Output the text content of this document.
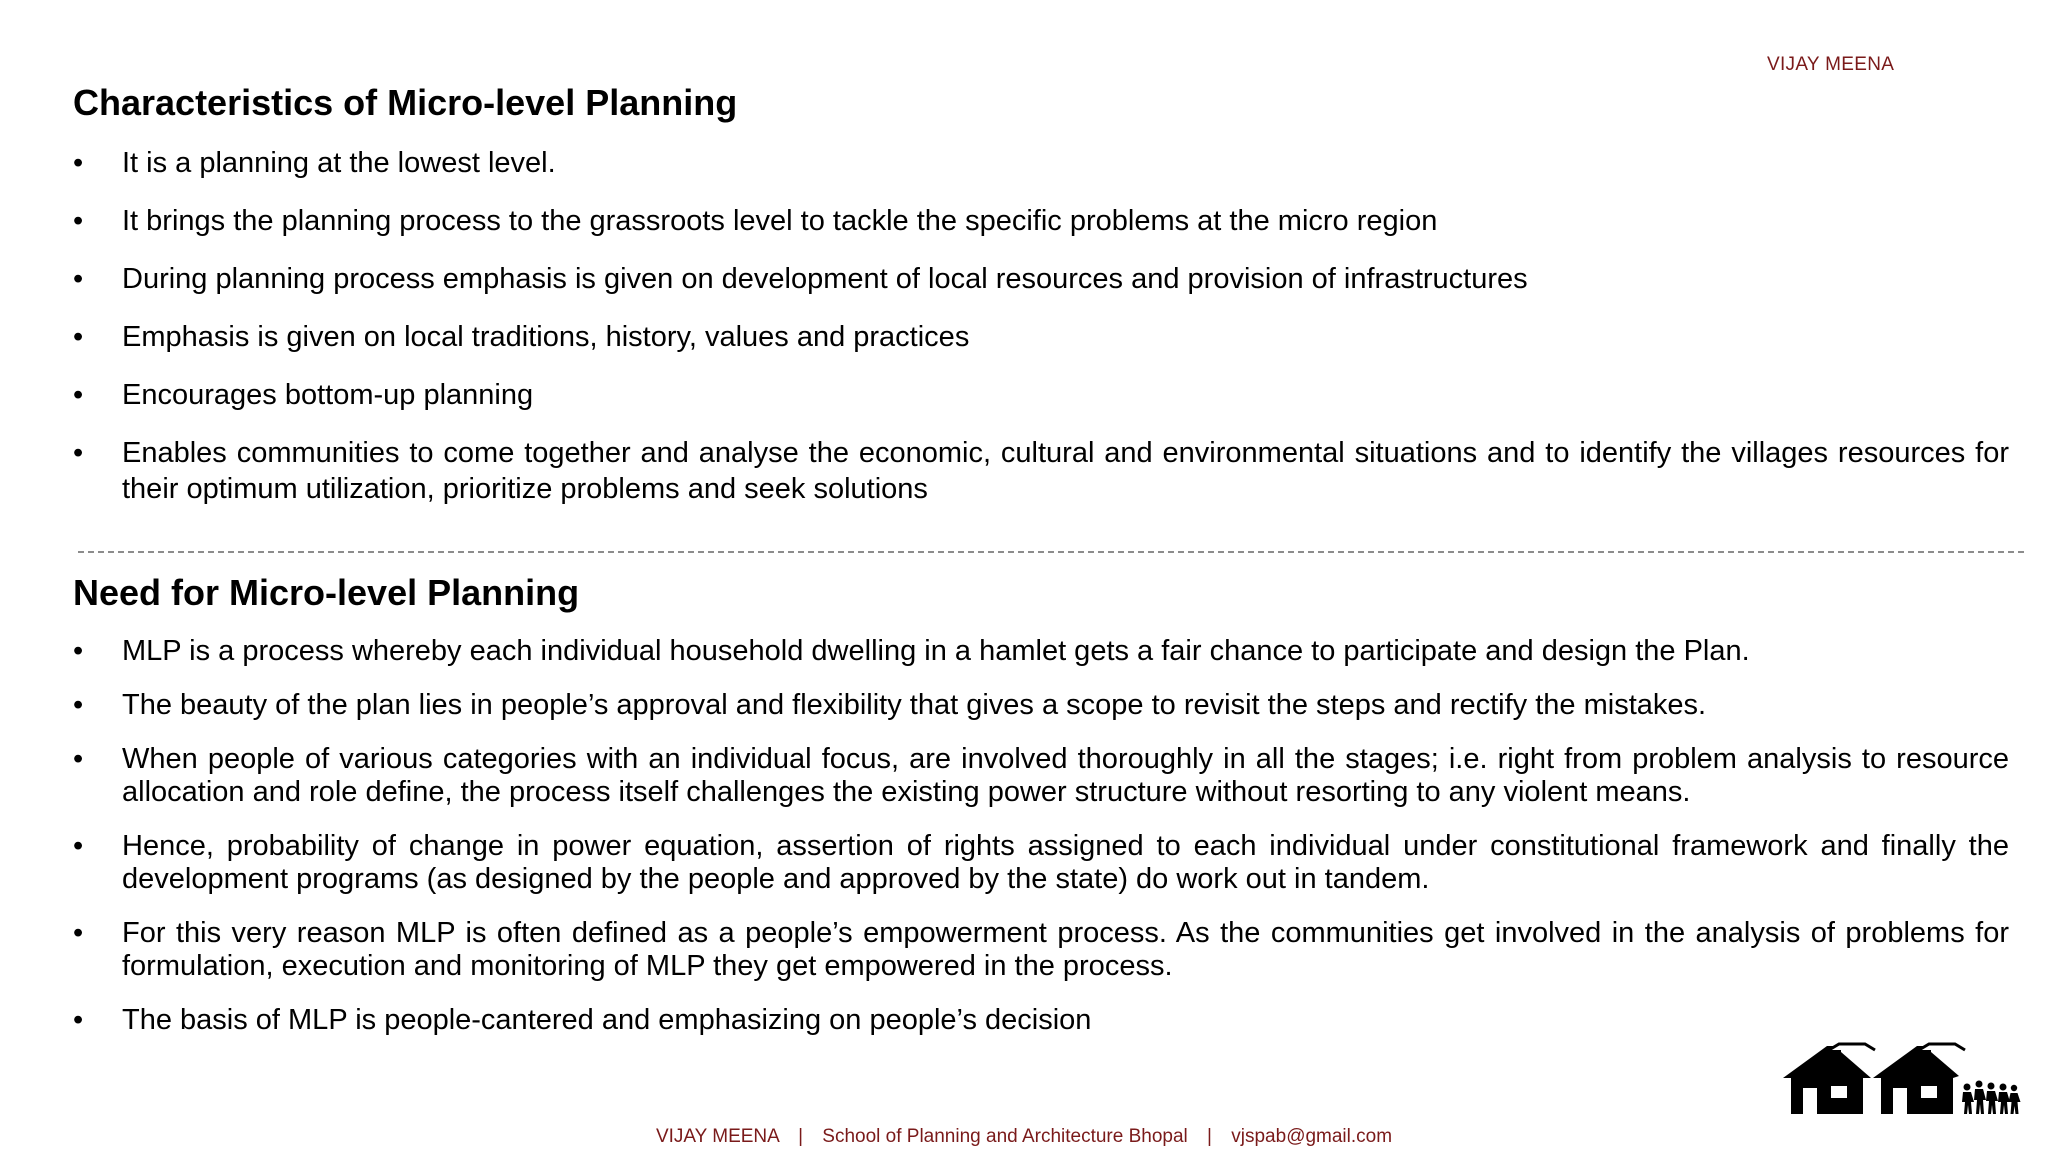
VIJAY MEENA
Characteristics of Micro-level Planning
•	It is a planning at the lowest level.
•	It brings the planning process to the grassroots level to tackle the specific problems at the micro region
•	During planning process emphasis is given on development of local resources and provision of infrastructures
•	Emphasis is given on local traditions, history, values and practices
•	Encourages bottom-up planning
•	Enables communities to come together and analyse the economic, cultural and environmental situations and to identify the villages resources for their optimum utilization, prioritize problems and seek solutions
Need for Micro-level Planning
•	MLP is a process whereby each individual household dwelling in a hamlet gets a fair chance to participate and design the Plan.
•	The beauty of the plan lies in people’s approval and flexibility that gives a scope to revisit the steps and rectify the mistakes.
•	When people of various categories with an individual focus, are involved thoroughly in all the stages; i.e. right from problem analysis to resource allocation and role define, the process itself challenges the existing power structure without resorting to any violent means.
•	Hence, probability of change in power equation, assertion of rights assigned to each individual under constitutional framework and finally the development programs (as designed by the people and approved by the state) do work out in tandem.
•	For this very reason MLP is often defined as a people’s empowerment process. As the communities get involved in the analysis of problems for formulation, execution and monitoring of MLP they get empowered in the process.
•	The basis of MLP is people-cantered and emphasizing on people’s decision
VIJAY MEENA | School of Planning and Architecture Bhopal | vjspab@gmail.com
